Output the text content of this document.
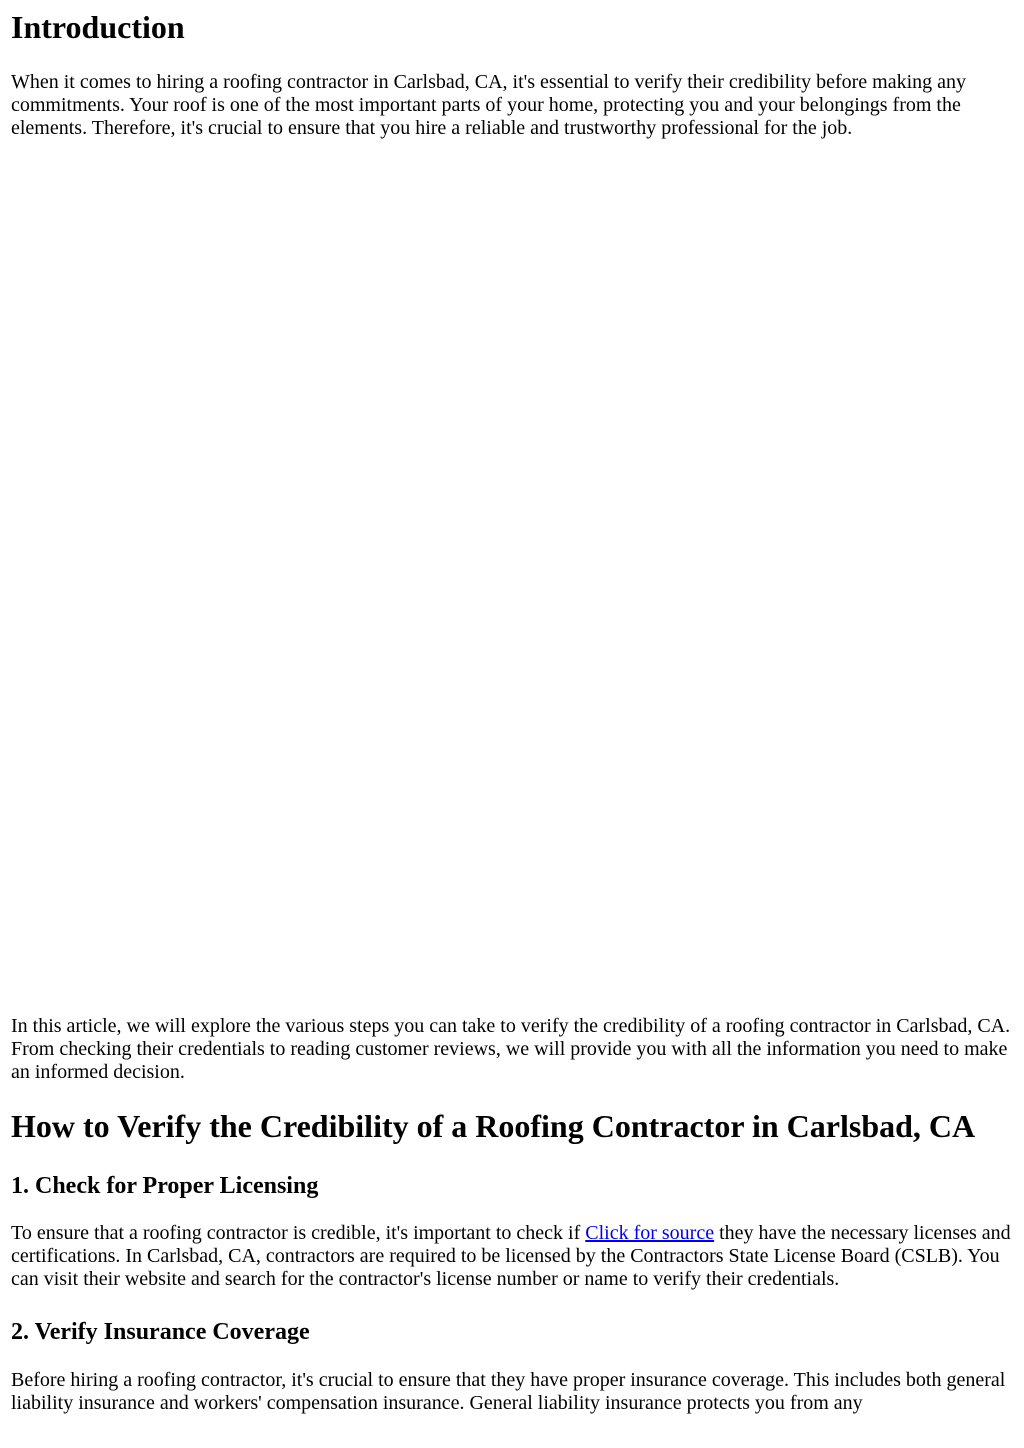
Introduction

When it comes to hiring a roofing contractor in Carlsbad, CA, it's essential to verify their credibility before making any commitments. Your roof is one of the most important parts of your home, protecting you and your belongings from the elements. Therefore, it's crucial to ensure that you hire a reliable and trustworthy professional for the job.

In this article, we will explore the various steps you can take to verify the credibility of a roofing contractor in Carlsbad, CA. From checking their credentials to reading customer reviews, we will provide you with all the information you need to make an informed decision.

How to Verify the Credibility of a Roofing Contractor in Carlsbad, CA
1. Check for Proper Licensing

To ensure that a roofing contractor is credible, it's important to check if Click for source they have the necessary licenses and certifications. In Carlsbad, CA, contractors are required to be licensed by the Contractors State License Board (CSLB). You can visit their website and search for the contractor's license number or name to verify their credentials.

2. Verify Insurance Coverage

Before hiring a roofing contractor, it's crucial to ensure that they have proper insurance coverage. This includes both general liability insurance and workers' compensation insurance. General liability insurance protects you from any
